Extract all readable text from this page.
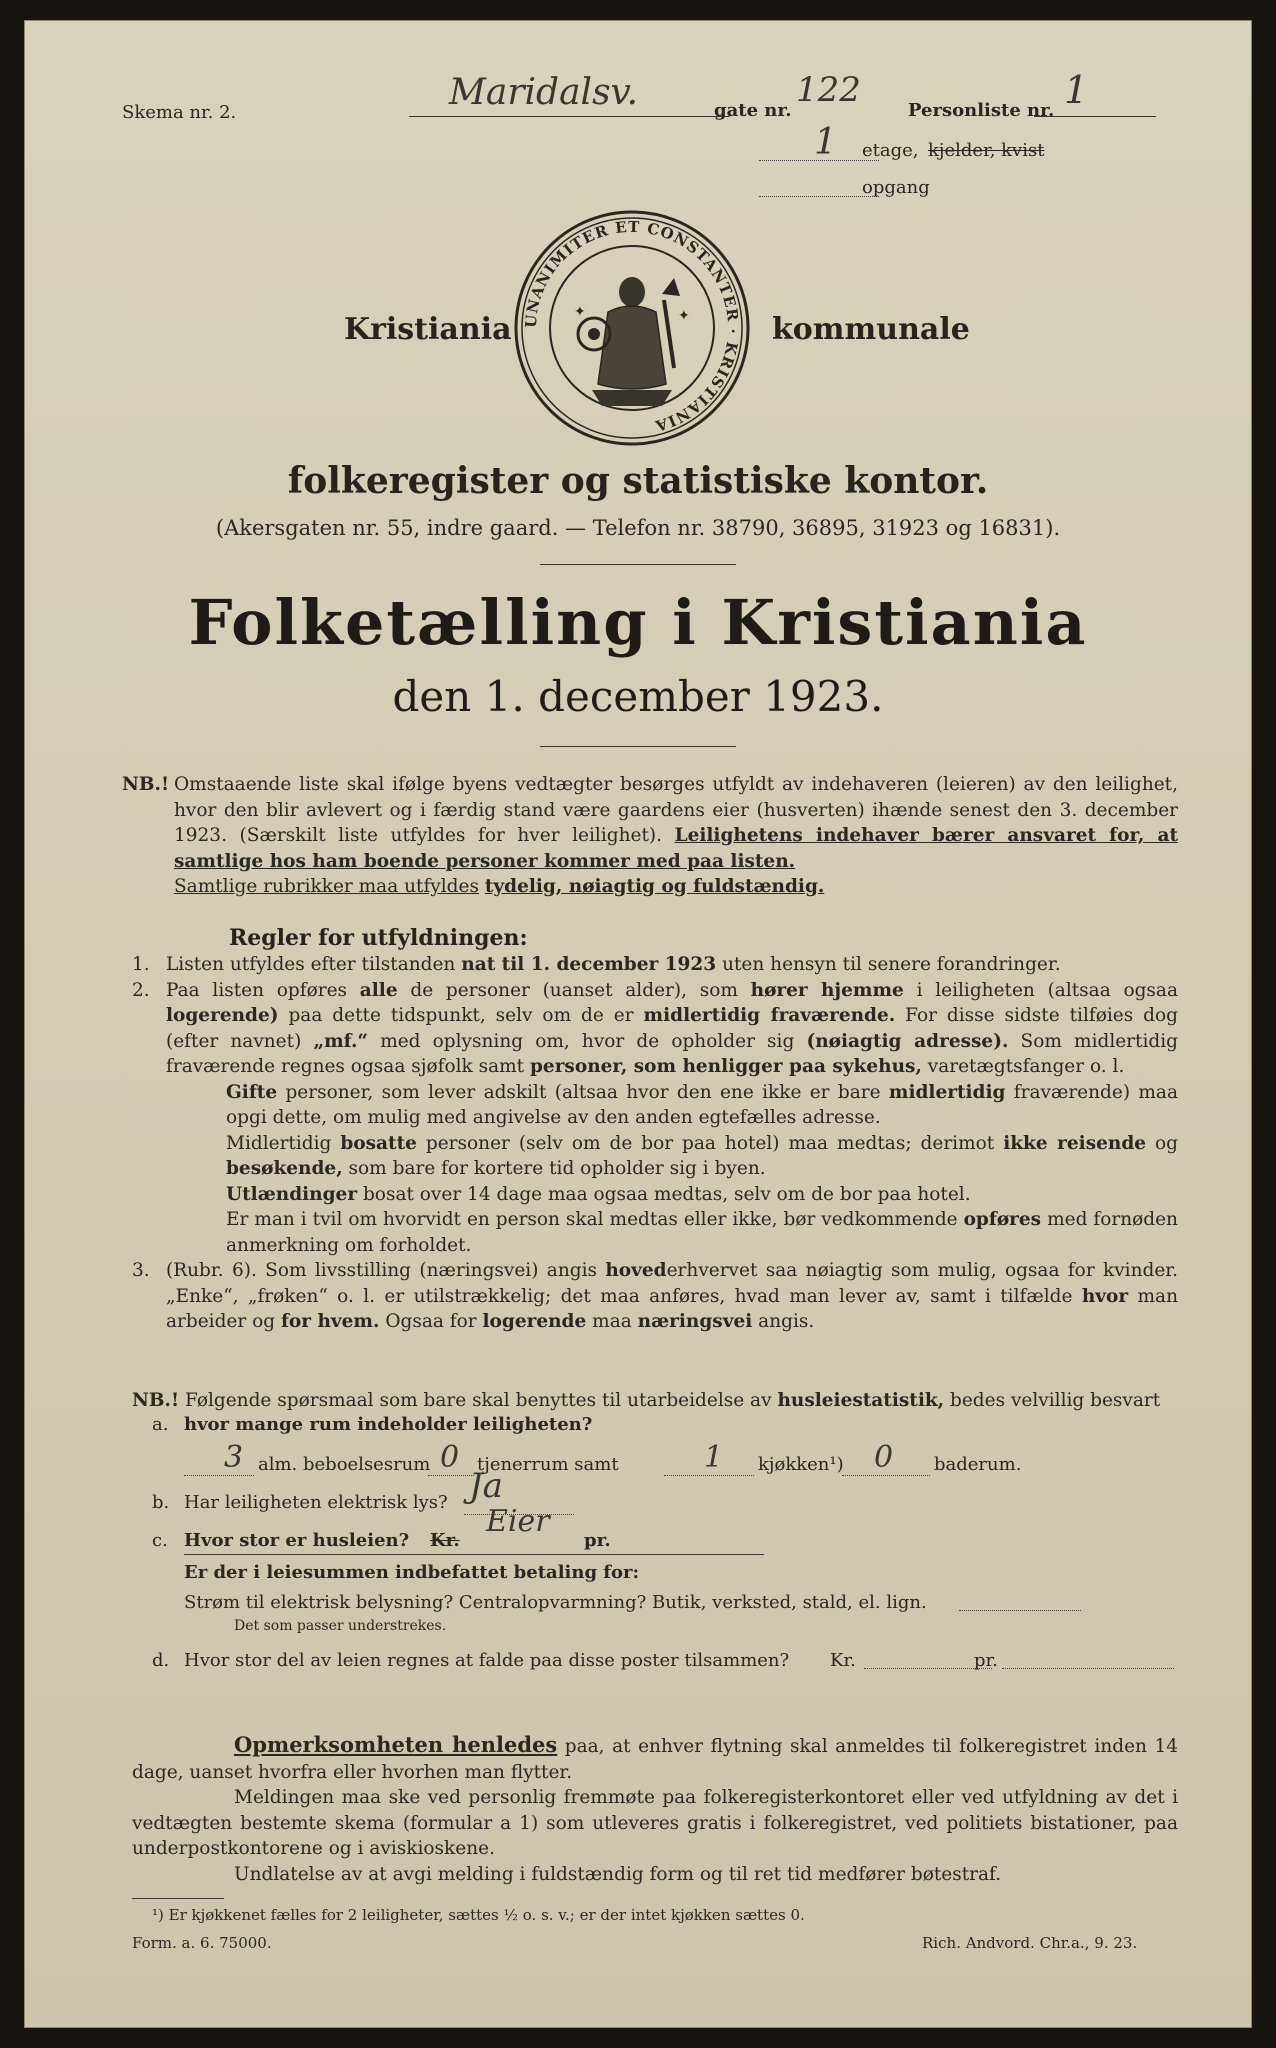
Skema nr. 2.	Maridalsv.	gate nr.
122
Personliste nr. 1
1 etage, kjelder, kvist
opgang
Kristiania	kommunale
UNANIMITER ET CONSTANTER · KRISTIANIA
✦	✦
folkeregister og statistiske kontor.
(Akersgaten nr. 55, indre gaard. — Telefon nr. 38790, 36895, 31923 og 16831).
Folketælling i Kristiania
den 1. december 1923.
NB.! Omstaaende liste skal ifølge byens vedtægter besørges utfyldt av indehaveren (leieren) av den leilighet, hvor den blir avlevert og i færdig stand være gaardens eier (husverten) ihænde senest den 3. december 1923. (Særskilt liste utfyldes for hver leilighet). Leilighetens indehaver bærer ansvaret for, at samtlige hos ham boende personer kommer med paa listen.

Samtlige rubrikker maa utfyldes tydelig, nøiagtig og fuldstændig.

Regler for utfyldningen:
1. Listen utfyldes efter tilstanden nat til 1. december 1923 uten hensyn til senere forandringer.
2. Paa listen opføres alle de personer (uanset alder), som hører hjemme i leiligheten (altsaa ogsaa logerende) paa dette tidspunkt, selv om de er midlertidig fraværende. For disse sidste tilføies dog (efter navnet) „mf.“ med oplysning om, hvor de opholder sig (nøiagtig adresse). Som midlertidig fraværende regnes ogsaa sjøfolk samt personer, som henligger paa sykehus, varetægtsfanger o. l.
Gifte personer, som lever adskilt (altsaa hvor den ene ikke er bare midlertidig fraværende) maa opgi dette, om mulig med angivelse av den anden egtefælles adresse.
Midlertidig bosatte personer (selv om de bor paa hotel) maa medtas; derimot ikke reisende og besøkende, som bare for kortere tid opholder sig i byen.
Utlændinger bosat over 14 dage maa ogsaa medtas, selv om de bor paa hotel.
Er man i tvil om hvorvidt en person skal medtas eller ikke, bør vedkommende opføres med fornøden anmerkning om forholdet.
3. (Rubr. 6). Som livsstilling (næringsvei) angis hovederhvervet saa nøiagtig som mulig, ogsaa for kvinder. „Enke“, „frøken“ o. l. er utilstrækkelig; det maa anføres, hvad man lever av, samt i tilfælde hvor man arbeider og for hvem. Ogsaa for logerende maa næringsvei angis.
NB.! Følgende spørsmaal som bare skal benyttes til utarbeidelse av husleiestatistik, bedes velvillig besvart
a. hvor mange rum indeholder leiligheten?
3 alm. beboelsesrum 0 tjenerrum samt	1 kjøkken¹) 0 baderum.
b. Har leiligheten elektrisk lys? Ja
c. Hvor stor er husleien? Kr.
Eier
pr.
Er der i leiesummen indbefattet betaling for:
Strøm til elektrisk belysning? Centralopvarmning? Butik, verksted, stald, el. lign.
Det som passer understrekes.
d. Hvor stor del av leien regnes at falde paa disse poster tilsammen? Kr.	pr.

Opmerksomheten henledes paa, at enhver flytning skal anmeldes til folkeregistret inden 14 dage, uanset hvorfra eller hvorhen man flytter.

Meldingen maa ske ved personlig fremmøte paa folkeregisterkontoret eller ved utfyldning av det i vedtægten bestemte skema (formular a 1) som utleveres gratis i folkeregistret, ved politiets bistationer, paa underpostkontorene og i aviskioskene.

Undlatelse av at avgi melding i fuldstændig form og til ret tid medfører bøtestraf.

¹) Er kjøkkenet fælles for 2 leiligheter, sættes ½ o. s. v.; er der intet kjøkken sættes 0.
Form. a. 6. 75000.	Rich. Andvord. Chr.a., 9. 23.
